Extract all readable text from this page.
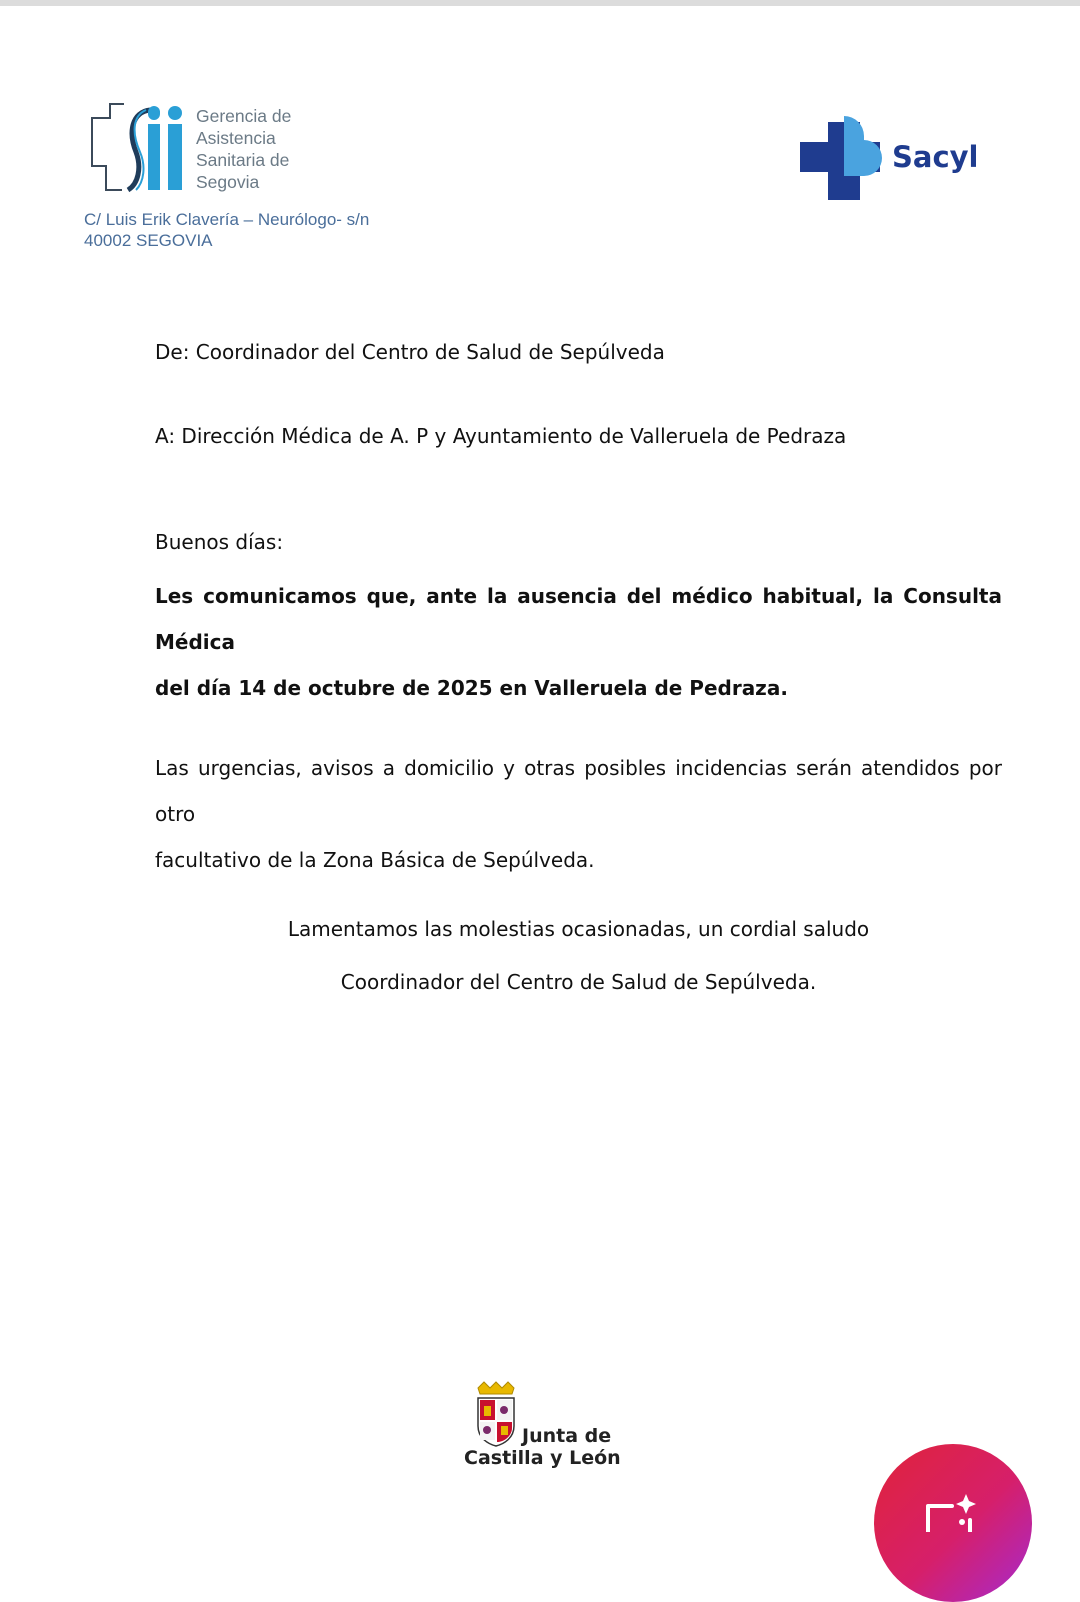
Gerencia de
Asistencia
Sanitaria de
Segovia
C/ Luis Erik Clavería – Neurólogo- s/n
40002 SEGOVIA
Sacyl
De: Coordinador del Centro de Salud de Sepúlveda
A: Dirección Médica de A. P y Ayuntamiento de Valleruela de Pedraza
Buenos días:
Les comunicamos que, ante la ausencia del médico habitual, la Consulta Médica
del día 14 de octubre de 2025 en Valleruela de Pedraza.
Las urgencias, avisos a domicilio y otras posibles incidencias serán atendidos por otro
facultativo de la Zona Básica de Sepúlveda.
Lamentamos las molestias ocasionadas, un cordial saludo
Coordinador del Centro de Salud de Sepúlveda.
Junta de
Castilla y León
